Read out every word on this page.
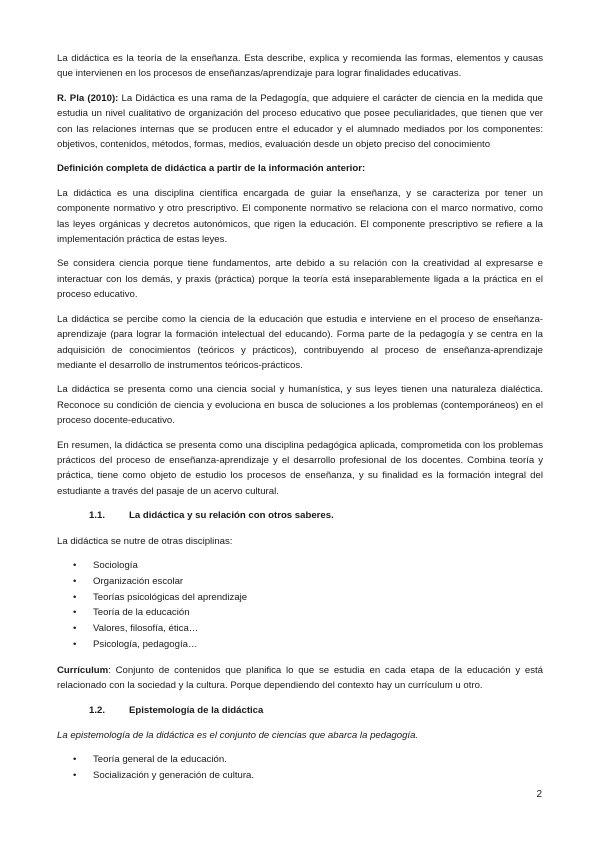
La didáctica es la teoría de la enseñanza. Esta describe, explica y recomienda las formas, elementos y causas que intervienen en los procesos de enseñanzas/aprendizaje para lograr finalidades educativas.

R. Pla (2010): La Didáctica es una rama de la Pedagogía, que adquiere el carácter de ciencia en la medida que estudia un nivel cualitativo de organización del proceso educativo que posee peculiaridades, que tienen que ver con las relaciones internas que se producen entre el educador y el alumnado mediados por los componentes: objetivos, contenidos, métodos, formas, medios, evaluación desde un objeto preciso del conocimiento

Definición completa de didáctica a partir de la información anterior:

La didáctica es una disciplina científica encargada de guiar la enseñanza, y se caracteriza por tener un componente normativo y otro prescriptivo. El componente normativo se relaciona con el marco normativo, como las leyes orgánicas y decretos autonómicos, que rigen la educación. El componente prescriptivo se refiere a la implementación práctica de estas leyes.

Se considera ciencia porque tiene fundamentos, arte debido a su relación con la creatividad al expresarse e interactuar con los demás, y praxis (práctica) porque la teoría está inseparablemente ligada a la práctica en el proceso educativo.

La didáctica se percibe como la ciencia de la educación que estudia e interviene en el proceso de enseñanza-aprendizaje (para lograr la formación intelectual del educando). Forma parte de la pedagogía y se centra en la adquisición de conocimientos (teóricos y prácticos), contribuyendo al proceso de enseñanza-aprendizaje mediante el desarrollo de instrumentos teóricos-prácticos.

La didáctica se presenta como una ciencia social y humanística, y sus leyes tienen una naturaleza dialéctica. Reconoce su condición de ciencia y evoluciona en busca de soluciones a los problemas (contemporáneos) en el proceso docente-educativo.

En resumen, la didáctica se presenta como una disciplina pedagógica aplicada, comprometida con los problemas prácticos del proceso de enseñanza-aprendizaje y el desarrollo profesional de los docentes. Combina teoría y práctica, tiene como objeto de estudio los procesos de enseñanza, y su finalidad es la formación integral del estudiante a través del pasaje de un acervo cultural.

1.1.	La didáctica y su relación con otros saberes.

La didáctica se nutre de otras disciplinas:

• Sociología
• Organización escolar
• Teorías psicológicas del aprendizaje
• Teoría de la educación
• Valores, filosofía, ética…
• Psicología, pedagogía…

Currículum: Conjunto de contenidos que planifica lo que se estudia en cada etapa de la educación y está relacionado con la sociedad y la cultura. Porque dependiendo del contexto hay un currículum u otro.

1.2.	Epistemología de la didáctica

La epistemología de la didáctica es el conjunto de ciencias que abarca la pedagogía.

• Teoría general de la educación.
• Socialización y generación de cultura.
2
